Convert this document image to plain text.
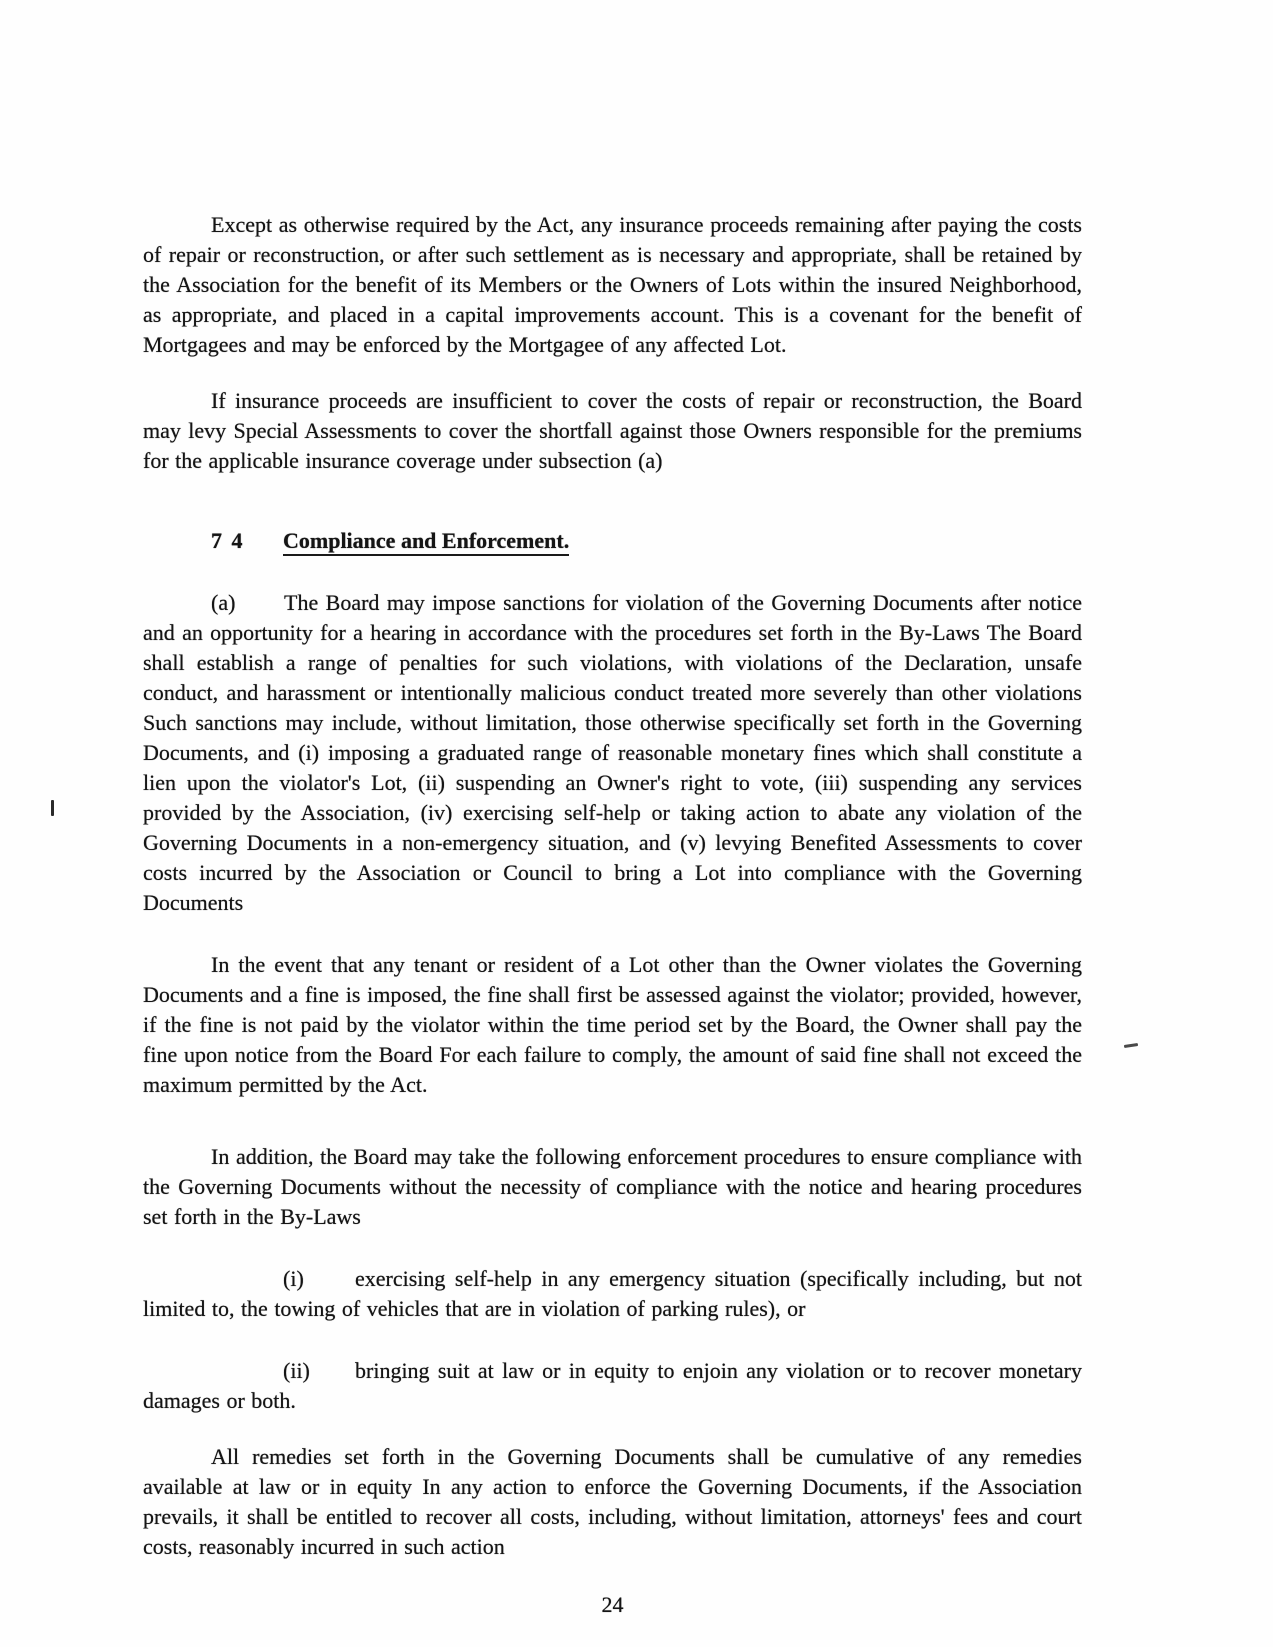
Except as otherwise required by the Act, any insurance proceeds remaining after paying the costs of repair or reconstruction, or after such settlement as is necessary and appropriate, shall be retained by the Association for the benefit of its Members or the Owners of Lots within the insured Neighborhood, as appropriate, and placed in a capital improvements account. This is a covenant for the benefit of Mortgagees and may be enforced by the Mortgagee of any affected Lot.

If insurance proceeds are insufficient to cover the costs of repair or reconstruction, the Board may levy Special Assessments to cover the shortfall against those Owners responsible for the premiums for the applicable insurance coverage under subsection (a)

7 4 Compliance and Enforcement.

(a) The Board may impose sanctions for violation of the Governing Documents after notice and an opportunity for a hearing in accordance with the procedures set forth in the By-Laws The Board shall establish a range of penalties for such violations, with violations of the Declaration, unsafe conduct, and harassment or intentionally malicious conduct treated more severely than other violations Such sanctions may include, without limitation, those otherwise specifically set forth in the Governing Documents, and (i) imposing a graduated range of reasonable monetary fines which shall constitute a lien upon the violator's Lot, (ii) suspending an Owner's right to vote, (iii) suspending any services provided by the Association, (iv) exercising self-help or taking action to abate any violation of the Governing Documents in a non-emergency situation, and (v) levying Benefited Assessments to cover costs incurred by the Association or Council to bring a Lot into compliance with the Governing Documents

In the event that any tenant or resident of a Lot other than the Owner violates the Governing Documents and a fine is imposed, the fine shall first be assessed against the violator; provided, however, if the fine is not paid by the violator within the time period set by the Board, the Owner shall pay the fine upon notice from the Board For each failure to comply, the amount of said fine shall not exceed the maximum permitted by the Act.

In addition, the Board may take the following enforcement procedures to ensure compliance with the Governing Documents without the necessity of compliance with the notice and hearing procedures set forth in the By-Laws

(i) exercising self-help in any emergency situation (specifically including, but not limited to, the towing of vehicles that are in violation of parking rules), or

(ii) bringing suit at law or in equity to enjoin any violation or to recover monetary damages or both.

All remedies set forth in the Governing Documents shall be cumulative of any remedies available at law or in equity In any action to enforce the Governing Documents, if the Association prevails, it shall be entitled to recover all costs, including, without limitation, attorneys' fees and court costs, reasonably incurred in such action

24
